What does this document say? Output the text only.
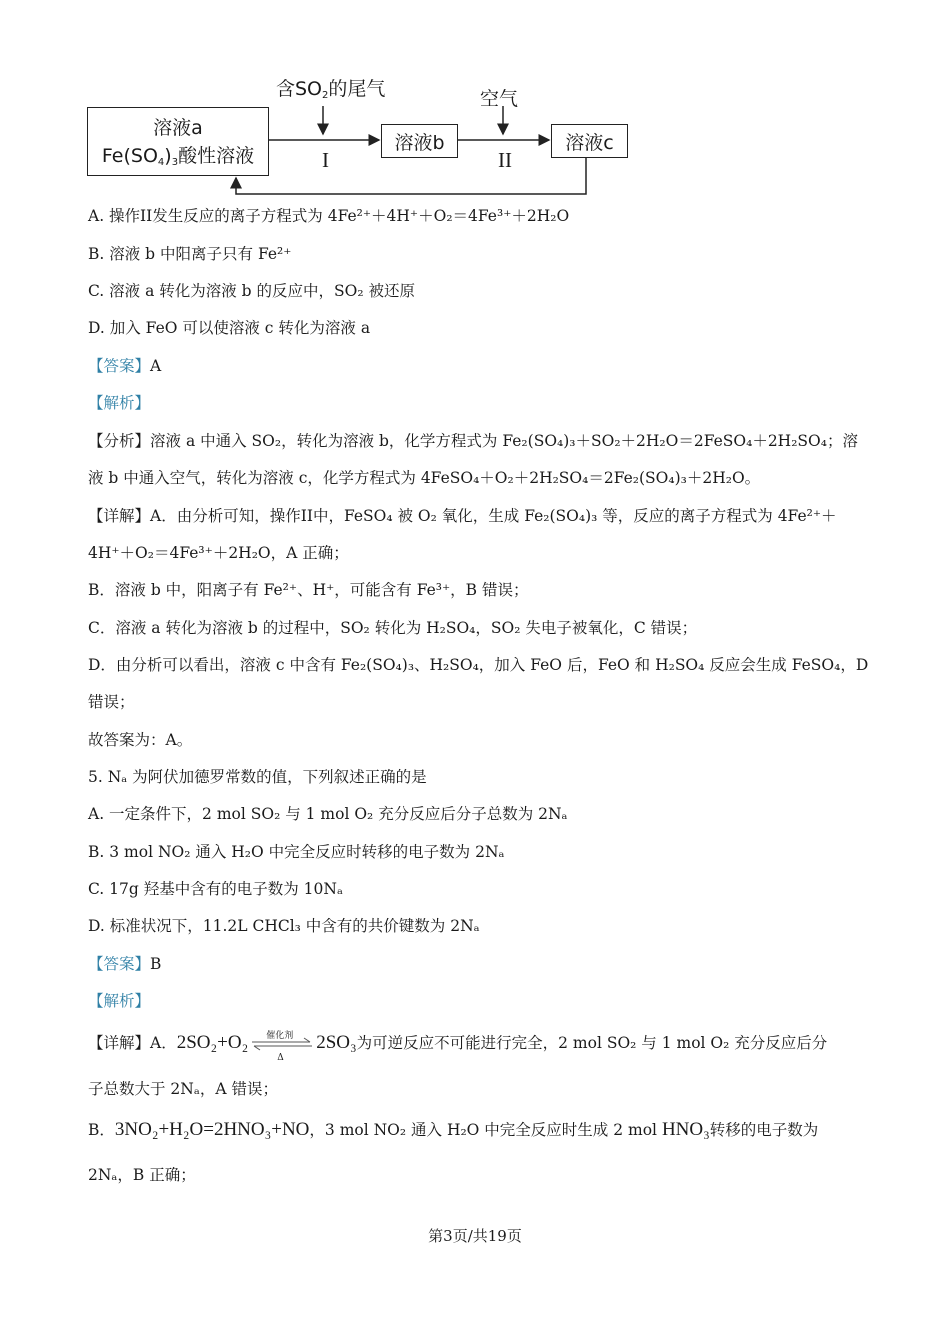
溶液a
$Fe(SO_4)_3$酸性溶液
溶液b	溶液c
含$SO_2$的尾气	空气
I	II
A. 操作II发生反应的离子方程式为 4Fe²⁺＋4H⁺＋O₂＝4Fe³⁺＋2H₂O
B. 溶液 b 中阳离子只有 Fe²⁺
C. 溶液 a 转化为溶液 b 的反应中，SO₂ 被还原
D. 加入 FeO 可以使溶液 c 转化为溶液 a
【答案】A
【解析】
【分析】溶液 a 中通入 SO₂，转化为溶液 b，化学方程式为 Fe₂(SO₄)₃＋SO₂＋2H₂O＝2FeSO₄＋2H₂SO₄；溶
液 b 中通入空气，转化为溶液 c，化学方程式为 4FeSO₄＋O₂＋2H₂SO₄＝2Fe₂(SO₄)₃＋2H₂O。
【详解】A．由分析可知，操作II中，FeSO₄ 被 O₂ 氧化，生成 Fe₂(SO₄)₃ 等，反应的离子方程式为 4Fe²⁺＋
4H⁺＋O₂＝4Fe³⁺＋2H₂O，A 正确；
B．溶液 b 中，阳离子有 Fe²⁺、H⁺，可能含有 Fe³⁺，B 错误；
C．溶液 a 转化为溶液 b 的过程中，SO₂ 转化为 H₂SO₄，SO₂ 失电子被氧化，C 错误；
D．由分析可以看出，溶液 c 中含有 Fe₂(SO₄)₃、H₂SO₄，加入 FeO 后，FeO 和 H₂SO₄ 反应会生成 FeSO₄，D
错误；
故答案为：A。
5. Nₐ 为阿伏加德罗常数的值，下列叙述正确的是
A. 一定条件下，2 mol SO₂ 与 1 mol O₂ 充分反应后分子总数为 2Nₐ
B. 3 mol NO₂ 通入 H₂O 中完全反应时转移的电子数为 2Nₐ
C. 17g 羟基中含有的电子数为 10Nₐ
D. 标准状况下，11.2L CHCl₃ 中含有的共价键数为 2Nₐ
【答案】B
【解析】
【详解】A．2SO₂+O₂ 催化剂
Δ
2SO₃为可逆反应不可能进行完全，2 mol SO₂ 与 1 mol O₂ 充分反应后分
子总数大于 2Nₐ，A 错误；
B．3NO₂+H₂O=2HNO₃+NO，3 mol NO₂ 通入 H₂O 中完全反应时生成 2 mol HNO₃转移的电子数为
2Nₐ，B 正确；
第3页/共19页
